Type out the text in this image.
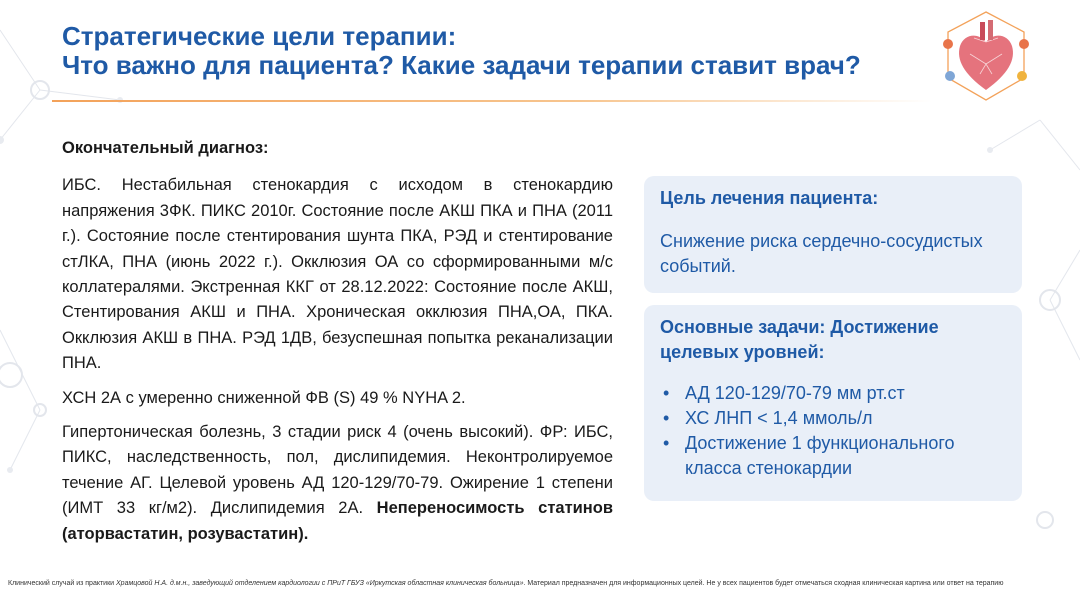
Стратегические цели терапии:
Что важно для пациента? Какие задачи терапии ставит врач?

Окончательный диагноз:

ИБС. Нестабильная стенокардия с исходом в стенокардию напряжения 3ФК. ПИКС 2010г. Состояние после АКШ ПКА и ПНА (2011 г.). Состояние после стентирования шунта ПКА, РЭД и стентирование стЛКА, ПНА (июнь 2022 г.). Окклюзия ОА со сформированными м/с коллатералями. Экстренная ККГ от 28.12.2022: Состояние после АКШ, Стентирования АКШ и ПНА. Хроническая окклюзия ПНА,ОА, ПКА. Окклюзия АКШ в ПНА. РЭД 1ДВ, безуспешная попытка реканализации ПНА.

ХСН 2А с умеренно сниженной ФВ (S) 49 % NYHA 2.

Гипертоническая болезнь, 3 стадии риск 4 (очень высокий). ФР: ИБС, ПИКС, наследственность, пол, дислипидемия. Неконтролируемое течение АГ. Целевой уровень АД 120-129/70-79. Ожирение 1 степени (ИМТ 33 кг/м2). Дислипидемия 2А. Непереносимость статинов (аторвастатин, розувастатин).

Цель лечения пациента:
Снижение риска сердечно-сосудистых событий.
Основные задачи: Достижение целевых уровней:
• АД 120-129/70-79 мм рт.ст
• ХС ЛНП < 1,4 ммоль/л
• Достижение 1 функционального класса стенокардии
Клинический случай из практики Храмцовой Н.А. д.м.н., заведующий отделением кардиологии с ПРиТ ГБУЗ «Иркутская областная клиническая больница». Материал предназначен для информационных целей. Не у всех пациентов будет отмечаться сходная клиническая картина или ответ на терапию
